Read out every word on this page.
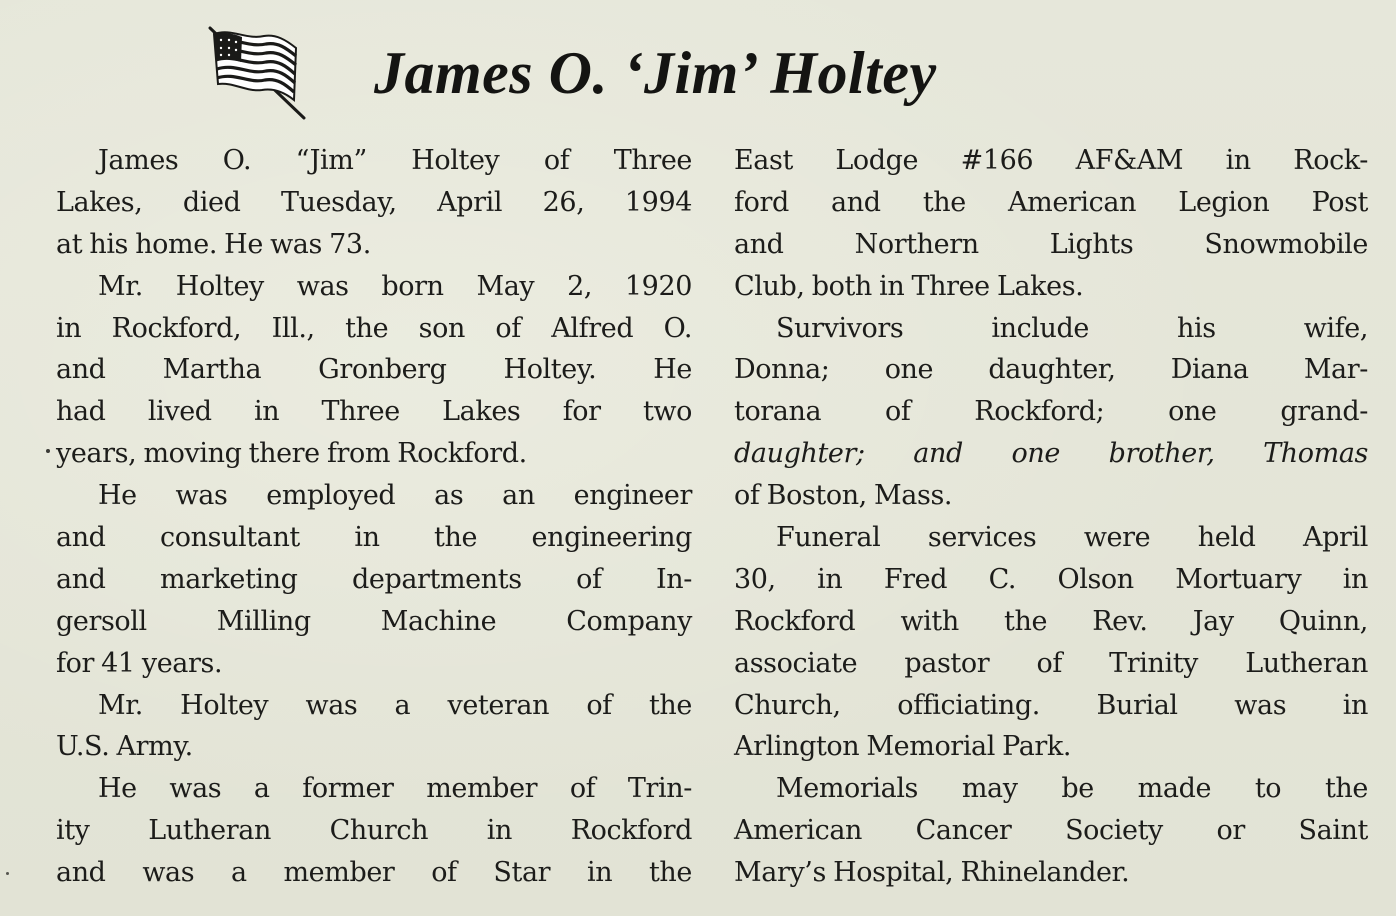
James O. ‘Jim’ Holtey
James O. “Jim” Holtey of Three
Lakes, died Tuesday, April 26, 1994
at his home. He was 73.
Mr. Holtey was born May 2, 1920
in Rockford, Ill., the son of Alfred O.
and Martha Gronberg Holtey. He
had lived in Three Lakes for two
years, moving there from Rockford.
He was employed as an engineer
and consultant in the engineering
and marketing departments of In-
gersoll Milling Machine Company
for 41 years.
Mr. Holtey was a veteran of the
U.S. Army.
He was a former member of Trin-
ity Lutheran Church in Rockford
and was a member of Star in the
East Lodge #166 AF&AM in Rock-
ford and the American Legion Post
and Northern Lights Snowmobile
Club, both in Three Lakes.
Survivors include his wife,
Donna; one daughter, Diana Mar-
torana of Rockford; one grand-
daughter; and one brother, Thomas
of Boston, Mass.
Funeral services were held April
30, in Fred C. Olson Mortuary in
Rockford with the Rev. Jay Quinn,
associate pastor of Trinity Lutheran
Church, officiating. Burial was in
Arlington Memorial Park.
Memorials may be made to the
American Cancer Society or Saint
Mary’s Hospital, Rhinelander.
